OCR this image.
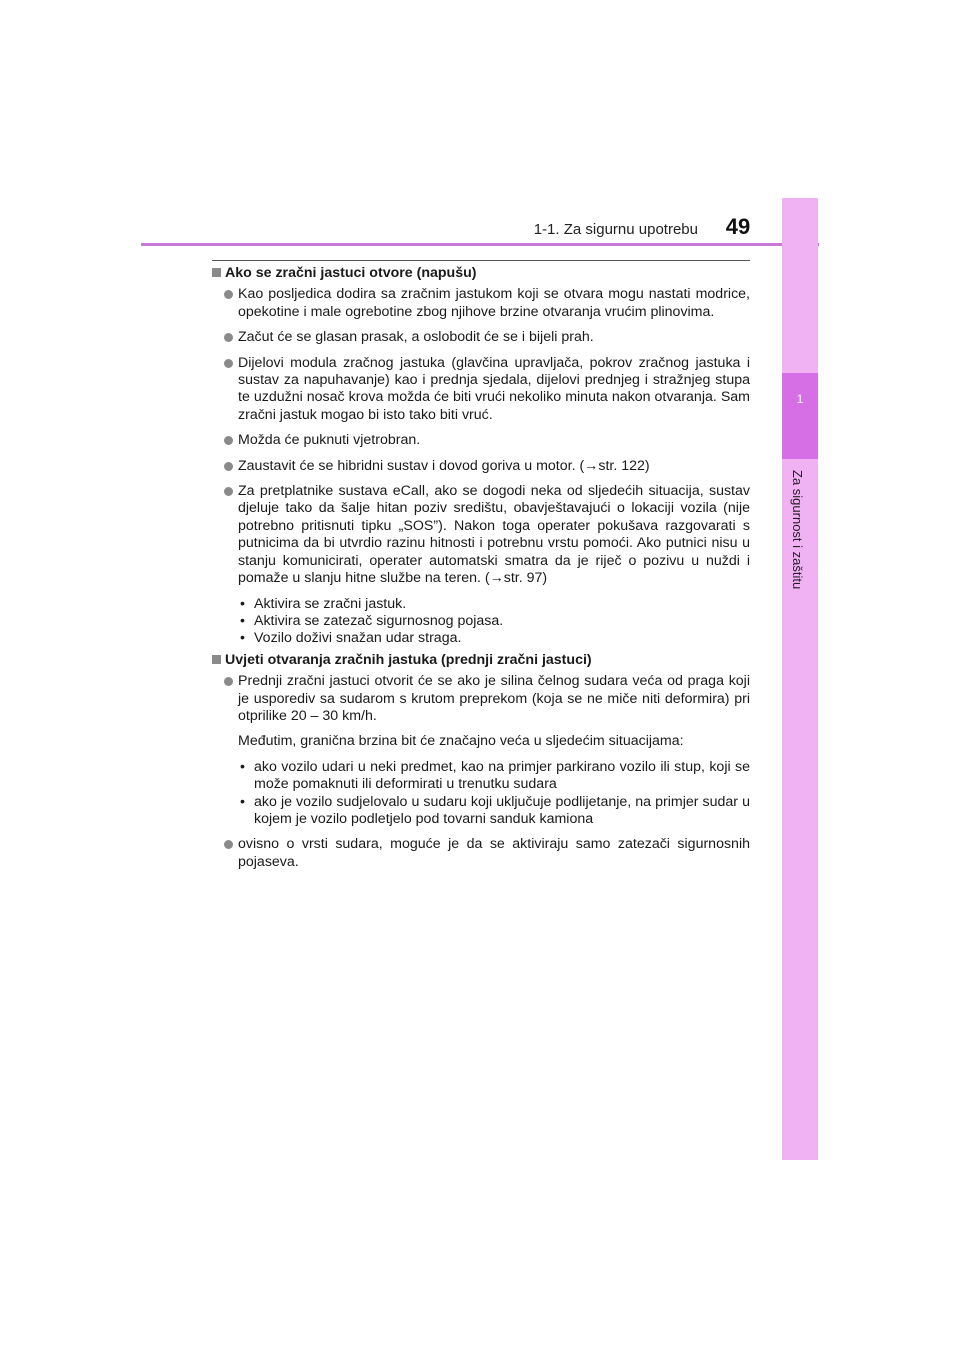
1-1. Za sigurnu upotrebu	49
1
Za sigurnost i zaštitu
Ako se zračni jastuci otvore (napušu)

Kao posljedica dodira sa zračnim jastukom koji se otvara mogu nastati modrice, opekotine i male ogrebotine zbog njihove brzine otvaranja vrućim plinovima.

Začut će se glasan prasak, a oslobodit će se i bijeli prah.

Dijelovi modula zračnog jastuka (glavčina upravljača, pokrov zračnog jastuka i sustav za napuhavanje) kao i prednja sjedala, dijelovi prednjeg i stražnjeg stupa te uzdužni nosač krova možda će biti vrući nekoliko minuta nakon otvaranja. Sam zračni jastuk mogao bi isto tako biti vruć.

Možda će puknuti vjetrobran.

Zaustavit će se hibridni sustav i dovod goriva u motor. (→str. 122)

Za pretplatnike sustava eCall, ako se dogodi neka od sljedećih situacija, sustav djeluje tako da šalje hitan poziv središtu, obavještavajući o lokaciji vozila (nije potrebno pritisnuti tipku „SOS”). Nakon toga operater pokušava razgovarati s putnicima da bi utvrdio razinu hitnosti i potrebnu vrstu pomoći. Ako putnici nisu u stanju komunicirati, operater automatski smatra da je riječ o pozivu u nuždi i pomaže u slanju hitne službe na teren. (→str. 97)

• Aktivira se zračni jastuk.
• Aktivira se zatezač sigurnosnog pojasa.
• Vozilo doživi snažan udar straga.
Uvjeti otvaranja zračnih jastuka (prednji zračni jastuci)

Prednji zračni jastuci otvorit će se ako je silina čelnog sudara veća od praga koji je usporediv sa sudarom s krutom preprekom (koja se ne miče niti deformira) pri otprilike 20 – 30 km/h.

Međutim, granična brzina bit će značajno veća u sljedećim situacijama:

• ako vozilo udari u neki predmet, kao na primjer parkirano vozilo ili stup, koji se može pomaknuti ili deformirati u trenutku sudara
• ako je vozilo sudjelovalo u sudaru koji uključuje podlijetanje, na primjer sudar u kojem je vozilo podletjelo pod tovarni sanduk kamiona

ovisno o vrsti sudara, moguće je da se aktiviraju samo zatezači sigurnosnih pojaseva.
